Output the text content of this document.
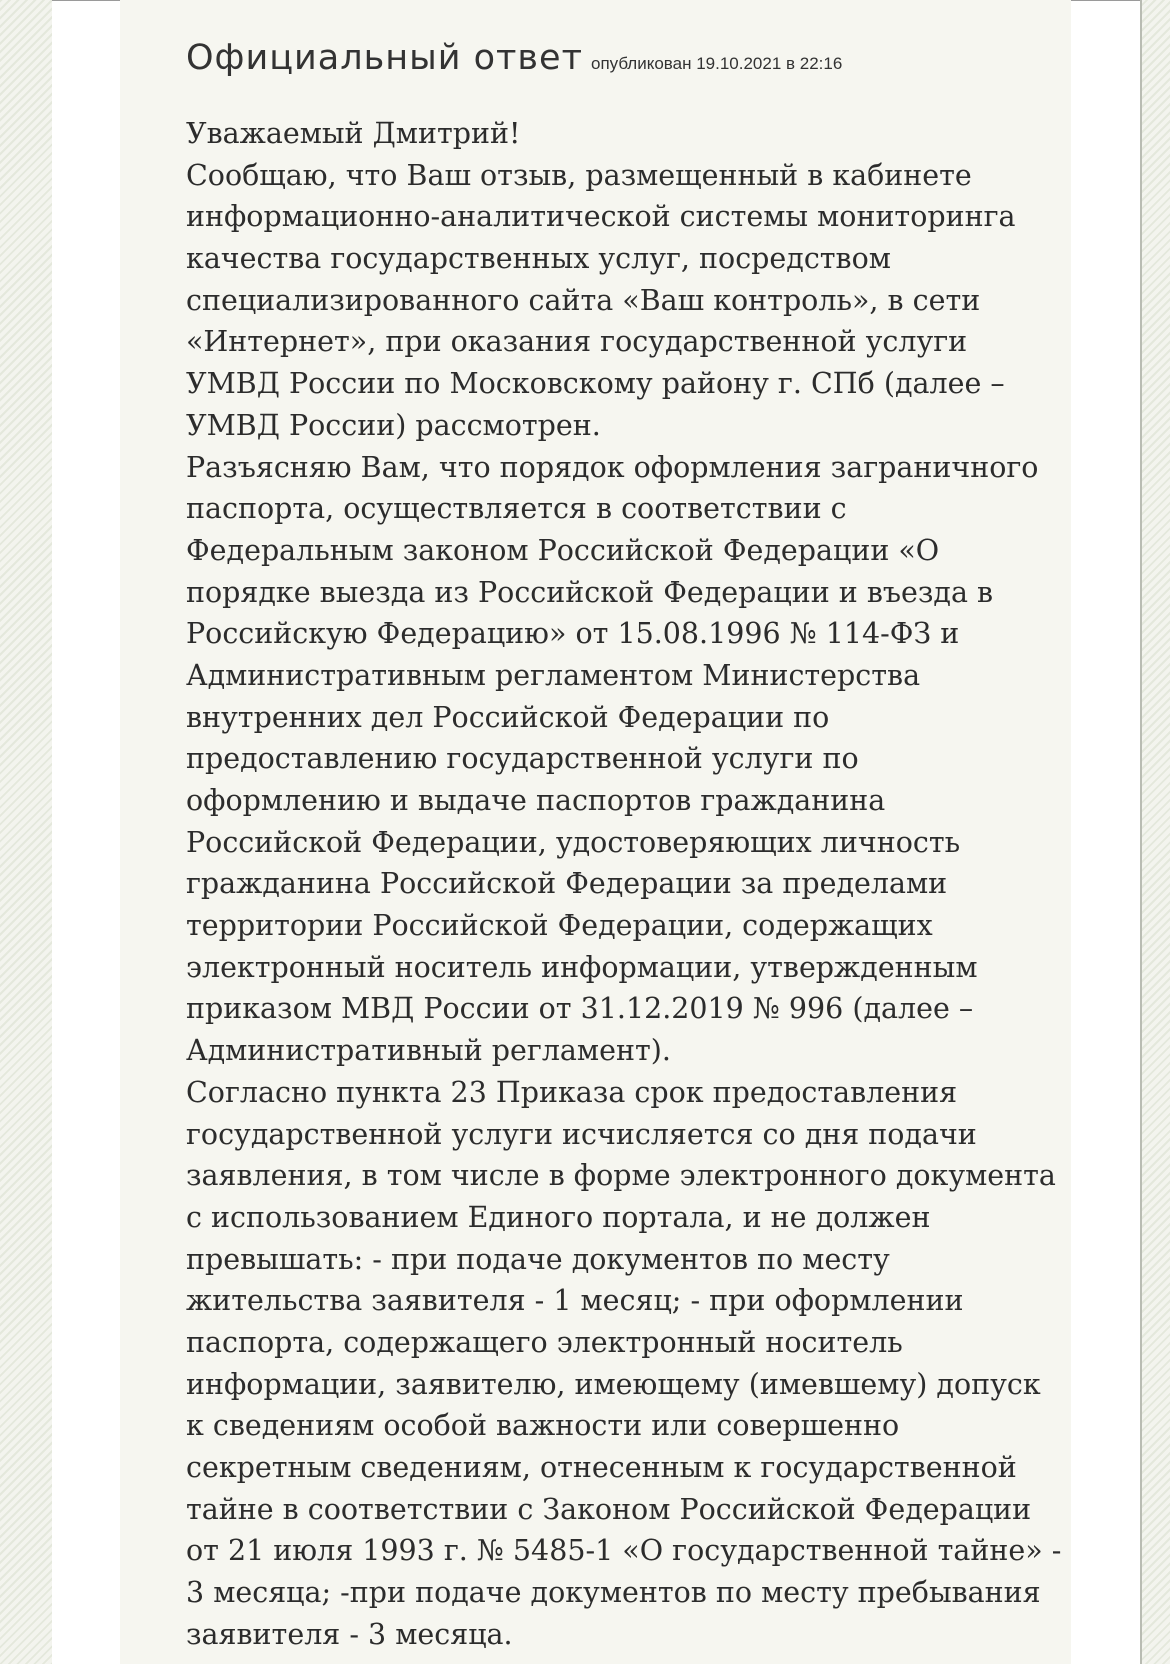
Официальный ответ опубликован 19.10.2021 в 22:16
Уважаемый Дмитрий!
Сообщаю, что Ваш отзыв, размещенный в кабинете
информационно-аналитической системы мониторинга
качества государственных услуг, посредством
специализированного сайта «Ваш контроль», в сети
«Интернет», при оказания государственной услуги
УМВД России по Московскому району г. СПб (далее –
УМВД России) рассмотрен.
Разъясняю Вам, что порядок оформления заграничного
паспорта, осуществляется в соответствии с
Федеральным законом Российской Федерации «О
порядке выезда из Российской Федерации и въезда в
Российскую Федерацию» от 15.08.1996 № 114-ФЗ и
Административным регламентом Министерства
внутренних дел Российской Федерации по
предоставлению государственной услуги по
оформлению и выдаче паспортов гражданина
Российской Федерации, удостоверяющих личность
гражданина Российской Федерации за пределами
территории Российской Федерации, содержащих
электронный носитель информации, утвержденным
приказом МВД России от 31.12.2019 № 996 (далее –
Административный регламент).
Согласно пункта 23 Приказа срок предоставления
государственной услуги исчисляется со дня подачи
заявления, в том числе в форме электронного документа
с использованием Единого портала, и не должен
превышать: - при подаче документов по месту
жительства заявителя - 1 месяц; - при оформлении
паспорта, содержащего электронный носитель
информации, заявителю, имеющему (имевшему) допуск
к сведениям особой важности или совершенно
секретным сведениям, отнесенным к государственной
тайне в соответствии с Законом Российской Федерации
от 21 июля 1993 г. № 5485-1 «О государственной тайне» -
3 месяца; -при подаче документов по месту пребывания
заявителя - 3 месяца.
